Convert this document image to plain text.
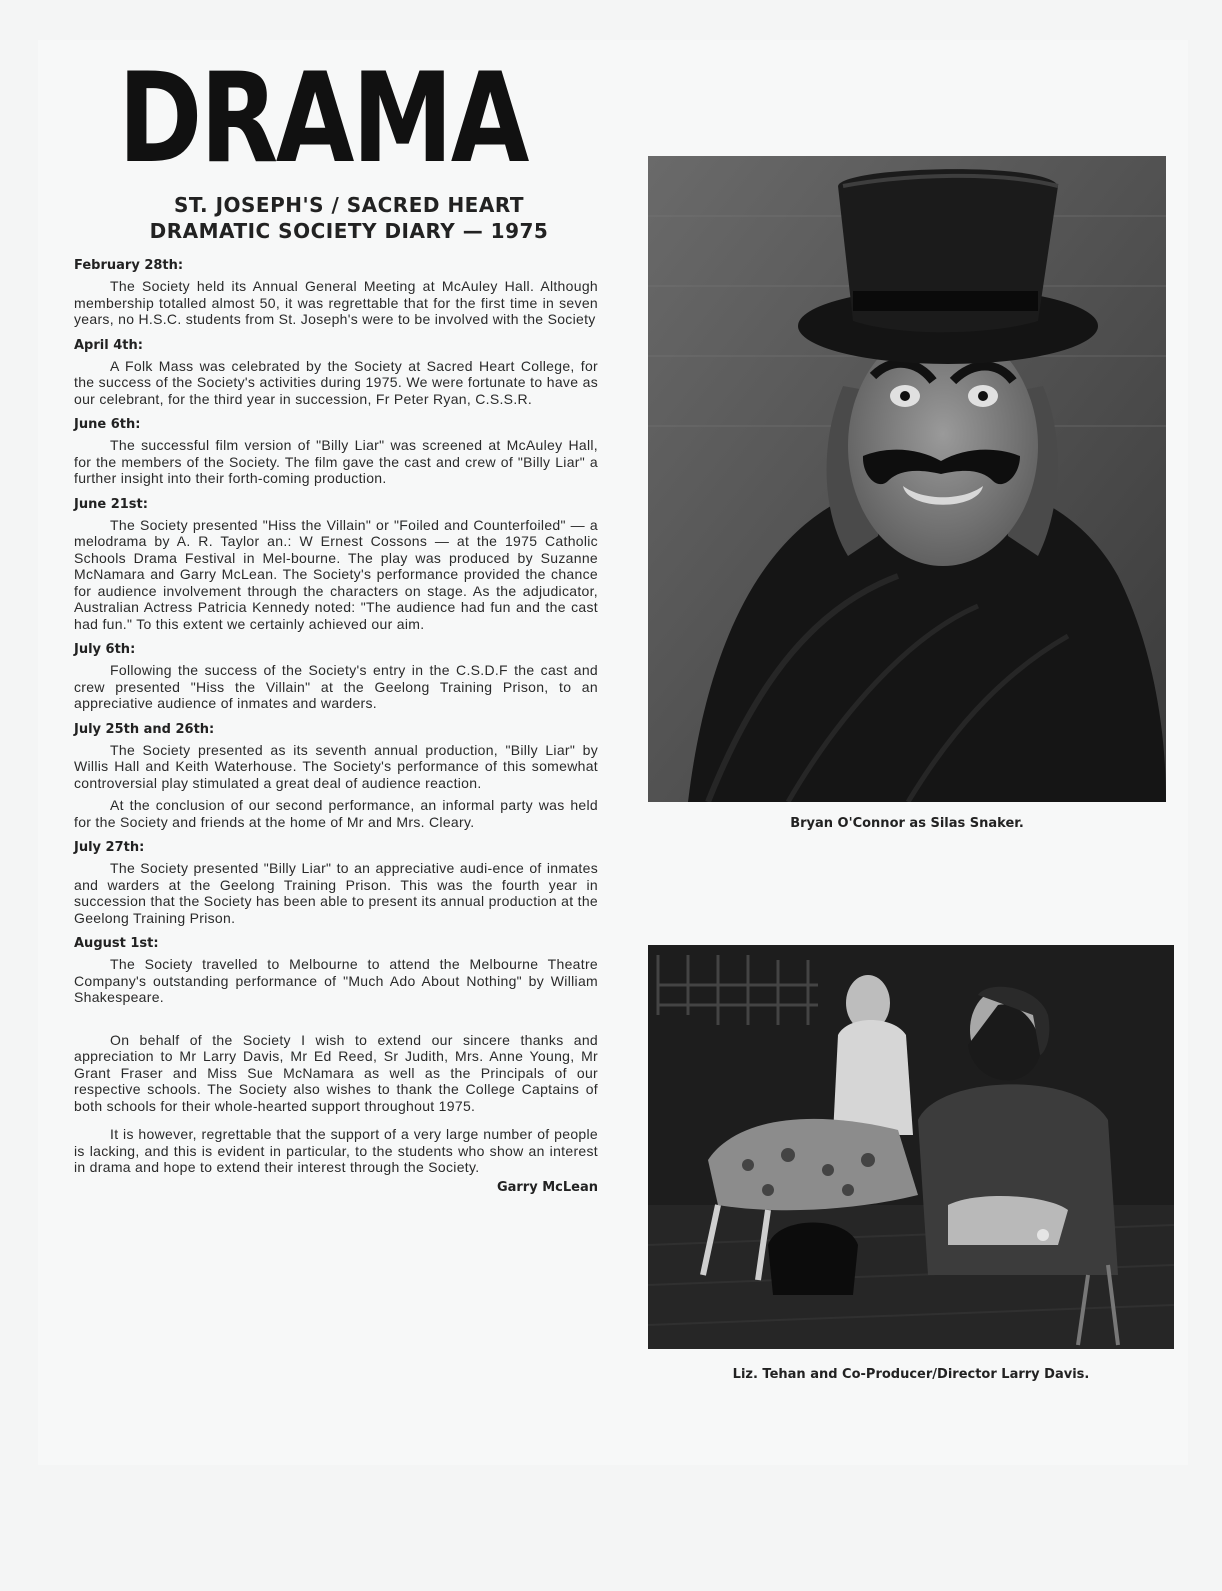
DRAMA
ST. JOSEPH'S / SACRED HEART
DRAMATIC SOCIETY DIARY — 1975
February 28th:

The Society held its Annual General Meeting at McAuley Hall. Although membership totalled almost 50, it was regrettable that for the first time in seven years, no H.S.C. students from St. Joseph's were to be involved with the Society

April 4th:

A Folk Mass was celebrated by the Society at Sacred Heart College, for the success of the Society's activities during 1975. We were fortunate to have as our celebrant, for the third year in succession, Fr Peter Ryan, C.S.S.R.

June 6th:

The successful film version of "Billy Liar" was screened at McAuley Hall, for the members of the Society. The film gave the cast and crew of "Billy Liar" a further insight into their forth-coming production.

June 21st:

The Society presented "Hiss the Villain" or "Foiled and Counterfoiled" — a melodrama by A. R. Taylor an.: W Ernest Cossons — at the 1975 Catholic Schools Drama Festival in Mel-bourne. The play was produced by Suzanne McNamara and Garry McLean. The Society's performance provided the chance for audience involvement through the characters on stage. As the adjudicator, Australian Actress Patricia Kennedy noted: "The audience had fun and the cast had fun." To this extent we certainly achieved our aim.

July 6th:

Following the success of the Society's entry in the C.S.D.F the cast and crew presented "Hiss the Villain" at the Geelong Training Prison, to an appreciative audience of inmates and warders.

July 25th and 26th:

The Society presented as its seventh annual production, "Billy Liar" by Willis Hall and Keith Waterhouse. The Society's performance of this somewhat controversial play stimulated a great deal of audience reaction.

At the conclusion of our second performance, an informal party was held for the Society and friends at the home of Mr and Mrs. Cleary.

July 27th:

The Society presented "Billy Liar" to an appreciative audi-ence of inmates and warders at the Geelong Training Prison. This was the fourth year in succession that the Society has been able to present its annual production at the Geelong Training Prison.

August 1st:

The Society travelled to Melbourne to attend the Melbourne Theatre Company's outstanding performance of "Much Ado About Nothing" by William Shakespeare.

On behalf of the Society I wish to extend our sincere thanks and appreciation to Mr Larry Davis, Mr Ed Reed, Sr Judith, Mrs. Anne Young, Mr Grant Fraser and Miss Sue McNamara as well as the Principals of our respective schools. The Society also wishes to thank the College Captains of both schools for their whole-hearted support throughout 1975.

It is however, regrettable that the support of a very large number of people is lacking, and this is evident in particular, to the students who show an interest in drama and hope to extend their interest through the Society.

Garry McLean
Bryan O'Connor as Silas Snaker.
Liz. Tehan and Co-Producer/Director Larry Davis.
